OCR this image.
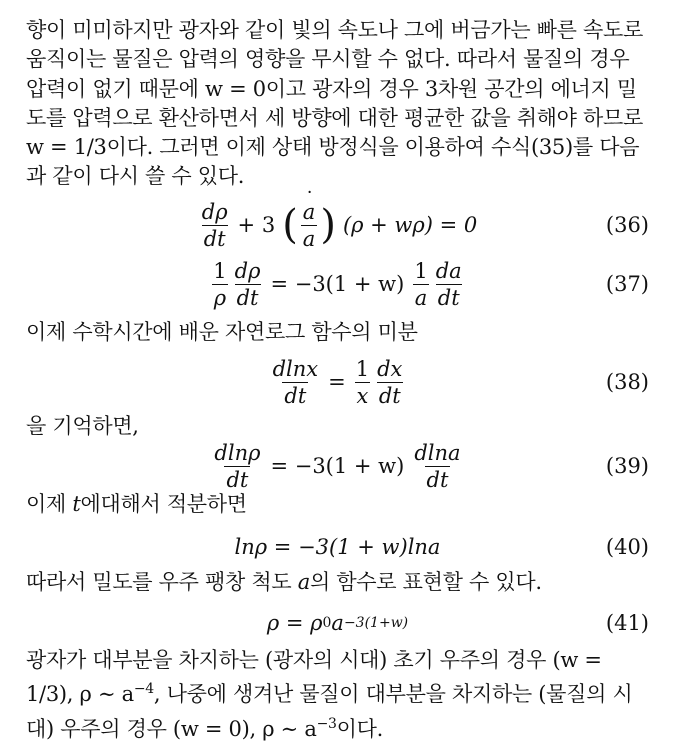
향이 미미하지만 광자와 같이 빛의 속도나 그에 버금가는 빠른 속도로 움직이는 물질은 압력의 영향을 무시할 수 없다. 따라서 물질의 경우 압력이 없기 때문에 w = 0이고 광자의 경우 3차원 공간의 에너지 밀도를 압력으로 환산하면서 세 방향에 대한 평균한 값을 취해야 하므로 w = 1/3이다. 그러면 이제 상태 방정식을 이용하여 수식(35)를 다음과 같이 다시 쓸 수 있다.

$\frac{d\rho}{dt} + 3$ (
˙ $\frac{a}{a}$ ) (ρ + wρ) = 0	(36)
$\frac{1}{\rho} \frac{d\rho}{dt} = -3(1 + w) \frac{1}{a} \frac{da}{dt}$	(37)

이제 수학시간에 배운 자연로그 함수의 미분

$\frac{dlnx}{dt} = \frac{1}{x} \frac{dx}{dt}$	(38)

을 기억하면,

$\frac{dln\rho}{dt} = -3(1 + w) \frac{dlna}{dt}$	(39)

이제 t에대해서 적분하면

lnρ = −3(1 + w)lna	(40)

따라서 밀도를 우주 팽창 척도 a의 함수로 표현할 수 있다.

ρ = ρ 0 a −3(1+w)	(41)

광자가 대부분을 차지하는 (광자의 시대) 초기 우주의 경우 (w = 1/3), ρ ∼ $a^{-4}$, 나중에 생겨난 물질이 대부분을 차지하는 (물질의 시대) 우주의 경우 (w = 0), ρ ∼ $a^{-3}$이다.
